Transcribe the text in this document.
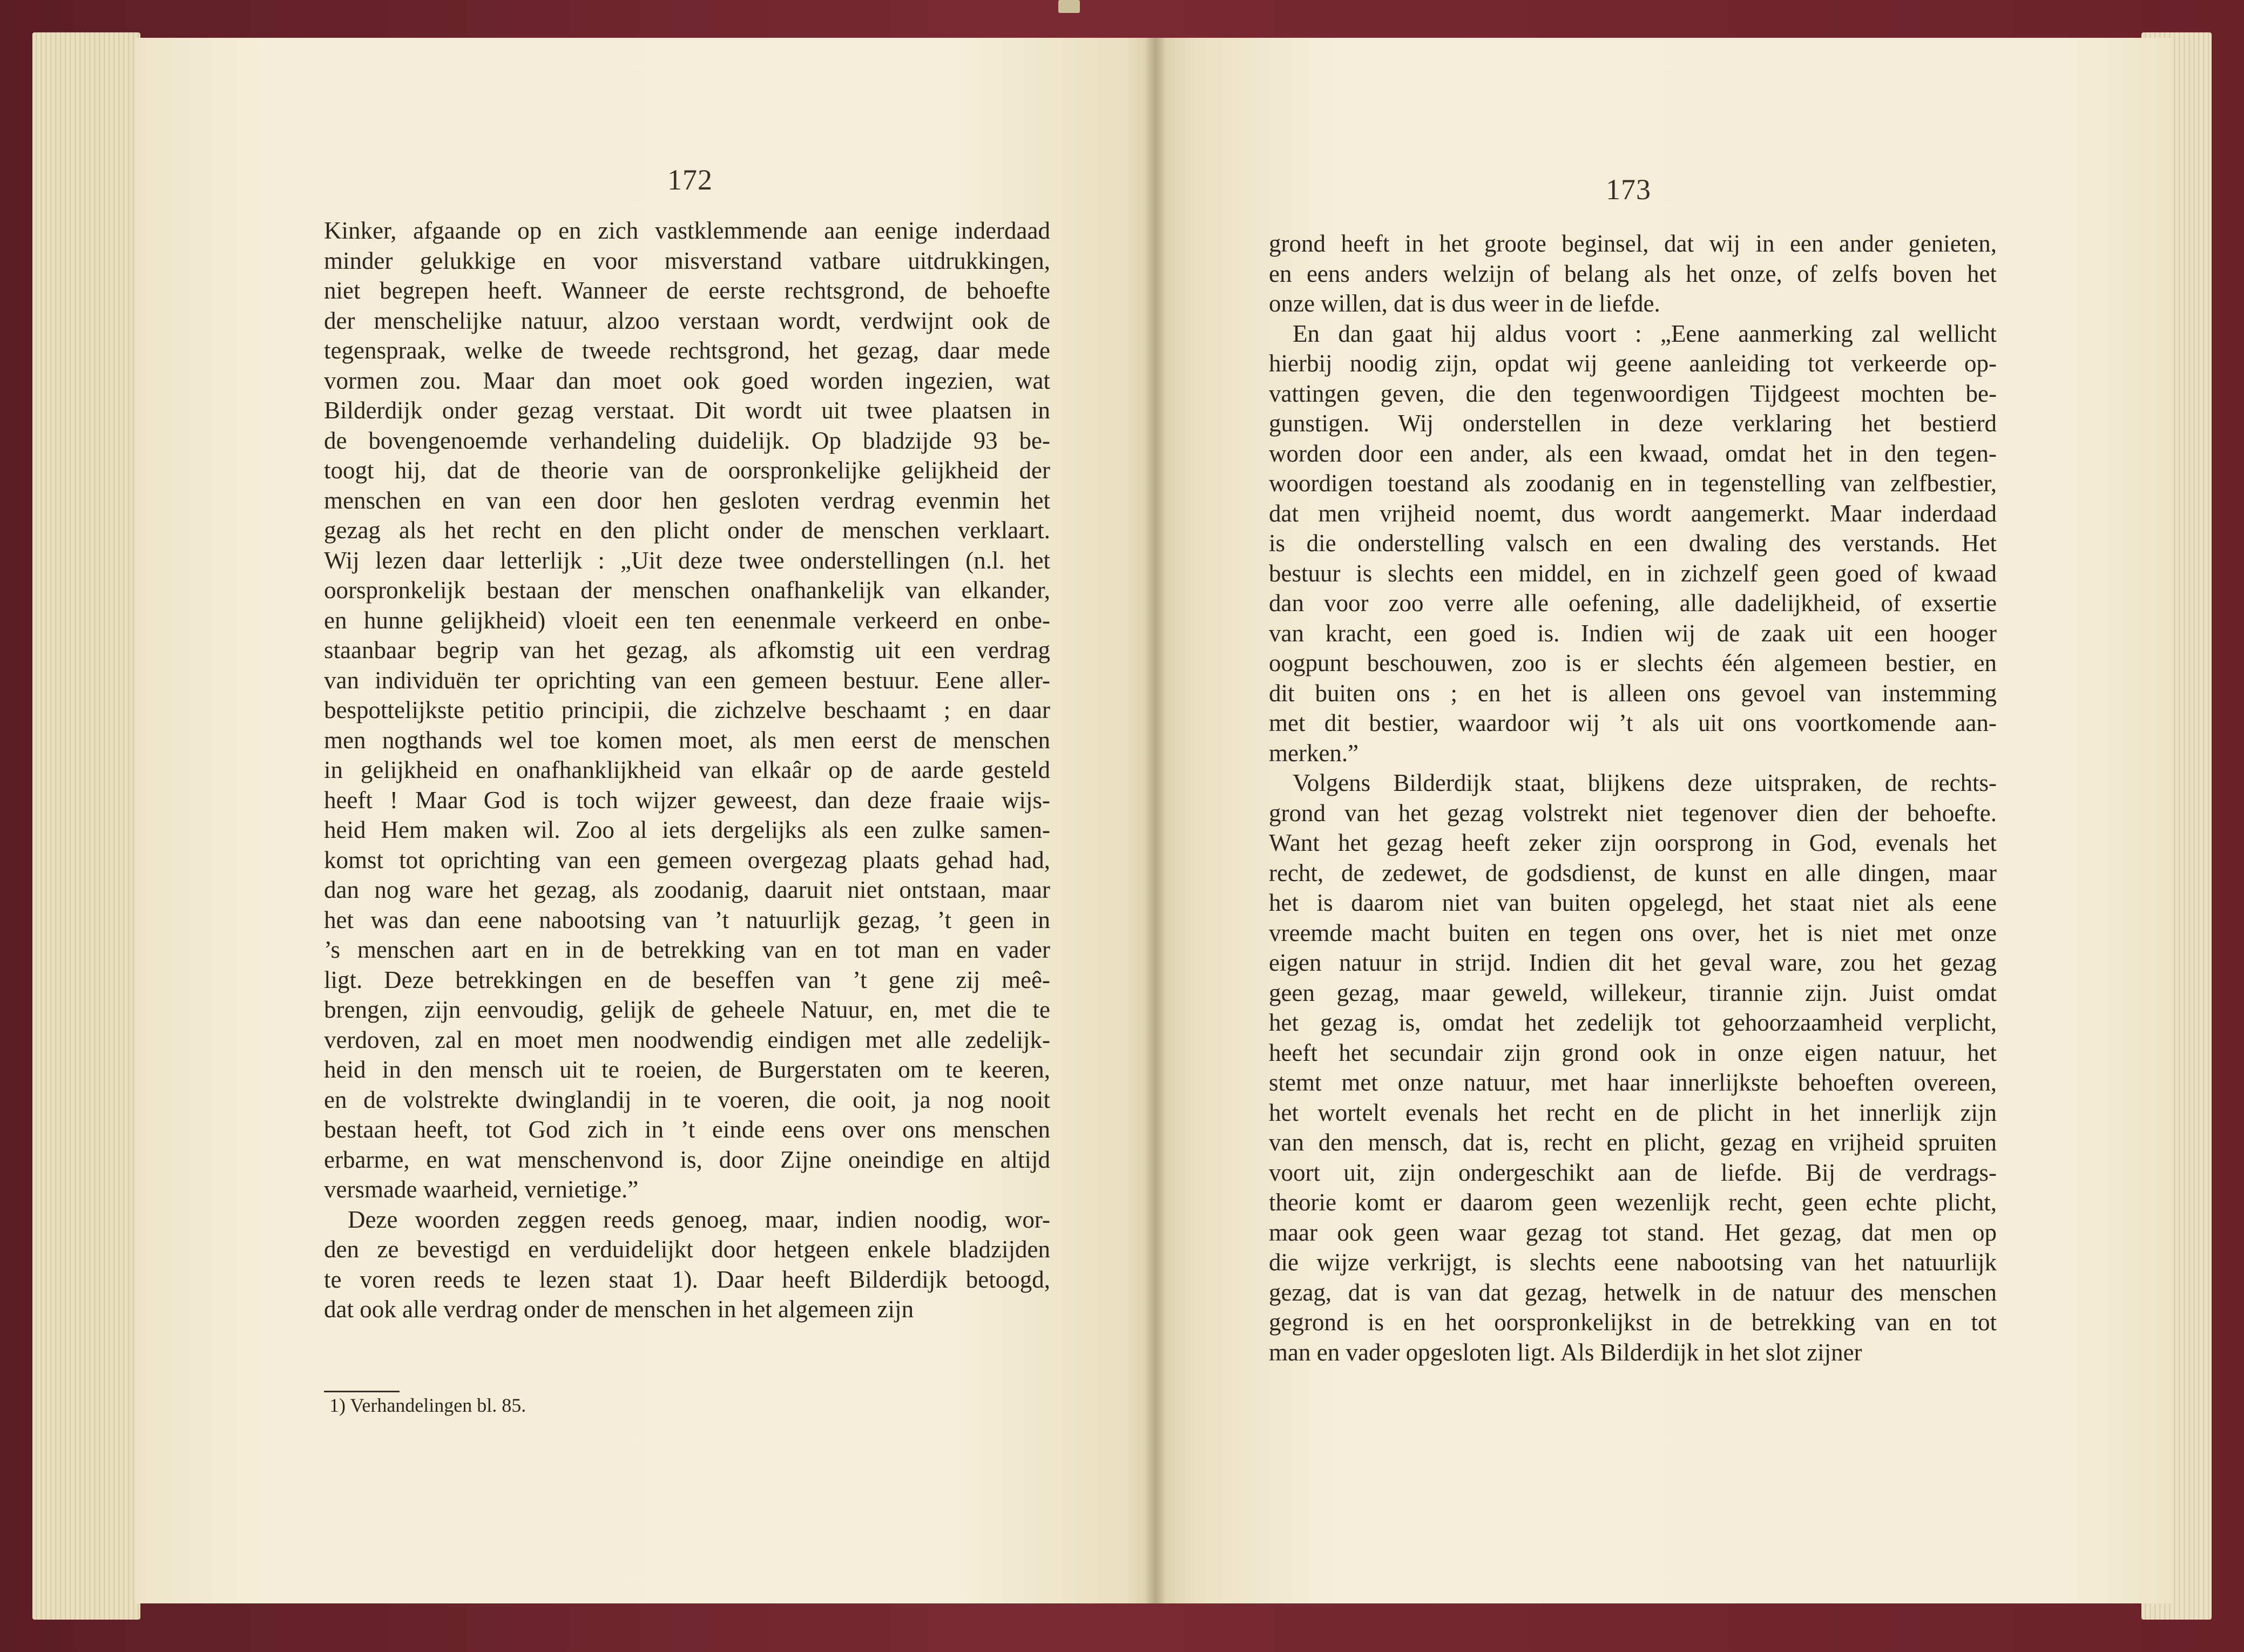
172	173
Kinker, afgaande op en zich vastklemmende aan eenige inderdaad
minder gelukkige en voor misverstand vatbare uitdrukkingen,
niet begrepen heeft. Wanneer de eerste rechtsgrond, de behoefte
der menschelijke natuur, alzoo verstaan wordt, verdwijnt ook de
tegenspraak, welke de tweede rechtsgrond, het gezag, daar mede
vormen zou. Maar dan moet ook goed worden ingezien, wat
Bilderdijk onder gezag verstaat. Dit wordt uit twee plaatsen in
de bovengenoemde verhandeling duidelijk. Op bladzijde 93 be-
toogt hij, dat de theorie van de oorspronkelijke gelijkheid der
menschen en van een door hen gesloten verdrag evenmin het
gezag als het recht en den plicht onder de menschen verklaart.
Wij lezen daar letterlijk : „Uit deze twee onderstellingen (n.l. het
oorspronkelijk bestaan der menschen onafhankelijk van elkander,
en hunne gelijkheid) vloeit een ten eenenmale verkeerd en onbe-
staanbaar begrip van het gezag, als afkomstig uit een verdrag
van individuën ter oprichting van een gemeen bestuur. Eene aller-
bespottelijkste petitio principii, die zichzelve beschaamt ; en daar
men nogthands wel toe komen moet, als men eerst de menschen
in gelijkheid en onafhanklijkheid van elkaâr op de aarde gesteld
heeft ! Maar God is toch wijzer geweest, dan deze fraaie wijs-
heid Hem maken wil. Zoo al iets dergelijks als een zulke samen-
komst tot oprichting van een gemeen overgezag plaats gehad had,
dan nog ware het gezag, als zoodanig, daaruit niet ontstaan, maar
het was dan eene nabootsing van ’t natuurlijk gezag, ’t geen in
’s menschen aart en in de betrekking van en tot man en vader
ligt. Deze betrekkingen en de beseffen van ’t gene zij meê-
brengen, zijn eenvoudig, gelijk de geheele Natuur, en, met die te
verdoven, zal en moet men noodwendig eindigen met alle zedelijk-
heid in den mensch uit te roeien, de Burgerstaten om te keeren,
en de volstrekte dwinglandij in te voeren, die ooit, ja nog nooit
bestaan heeft, tot God zich in ’t einde eens over ons menschen
erbarme, en wat menschenvond is, door Zijne oneindige en altijd
versmade waarheid, vernietige.”
Deze woorden zeggen reeds genoeg, maar, indien noodig, wor-
den ze bevestigd en verduidelijkt door hetgeen enkele bladzijden
te voren reeds te lezen staat 1). Daar heeft Bilderdijk betoogd,
dat ook alle verdrag onder de menschen in het algemeen zijn
1) Verhandelingen bl. 85.
grond heeft in het groote beginsel, dat wij in een ander genieten,
en eens anders welzijn of belang als het onze, of zelfs boven het
onze willen, dat is dus weer in de liefde.
En dan gaat hij aldus voort : „Eene aanmerking zal wellicht
hierbij noodig zijn, opdat wij geene aanleiding tot verkeerde op-
vattingen geven, die den tegenwoordigen Tijdgeest mochten be-
gunstigen. Wij onderstellen in deze verklaring het bestierd
worden door een ander, als een kwaad, omdat het in den tegen-
woordigen toestand als zoodanig en in tegenstelling van zelfbestier,
dat men vrijheid noemt, dus wordt aangemerkt. Maar inderdaad
is die onderstelling valsch en een dwaling des verstands. Het
bestuur is slechts een middel, en in zichzelf geen goed of kwaad
dan voor zoo verre alle oefening, alle dadelijkheid, of exsertie
van kracht, een goed is. Indien wij de zaak uit een hooger
oogpunt beschouwen, zoo is er slechts één algemeen bestier, en
dit buiten ons ; en het is alleen ons gevoel van instemming
met dit bestier, waardoor wij ’t als uit ons voortkomende aan-
merken.”
Volgens Bilderdijk staat, blijkens deze uitspraken, de rechts-
grond van het gezag volstrekt niet tegenover dien der behoefte.
Want het gezag heeft zeker zijn oorsprong in God, evenals het
recht, de zedewet, de godsdienst, de kunst en alle dingen, maar
het is daarom niet van buiten opgelegd, het staat niet als eene
vreemde macht buiten en tegen ons over, het is niet met onze
eigen natuur in strijd. Indien dit het geval ware, zou het gezag
geen gezag, maar geweld, willekeur, tirannie zijn. Juist omdat
het gezag is, omdat het zedelijk tot gehoorzaamheid verplicht,
heeft het secundair zijn grond ook in onze eigen natuur, het
stemt met onze natuur, met haar innerlijkste behoeften overeen,
het wortelt evenals het recht en de plicht in het innerlijk zijn
van den mensch, dat is, recht en plicht, gezag en vrijheid spruiten
voort uit, zijn ondergeschikt aan de liefde. Bij de verdrags-
theorie komt er daarom geen wezenlijk recht, geen echte plicht,
maar ook geen waar gezag tot stand. Het gezag, dat men op
die wijze verkrijgt, is slechts eene nabootsing van het natuurlijk
gezag, dat is van dat gezag, hetwelk in de natuur des menschen
gegrond is en het oorspronkelijkst in de betrekking van en tot
man en vader opgesloten ligt. Als Bilderdijk in het slot zijner
